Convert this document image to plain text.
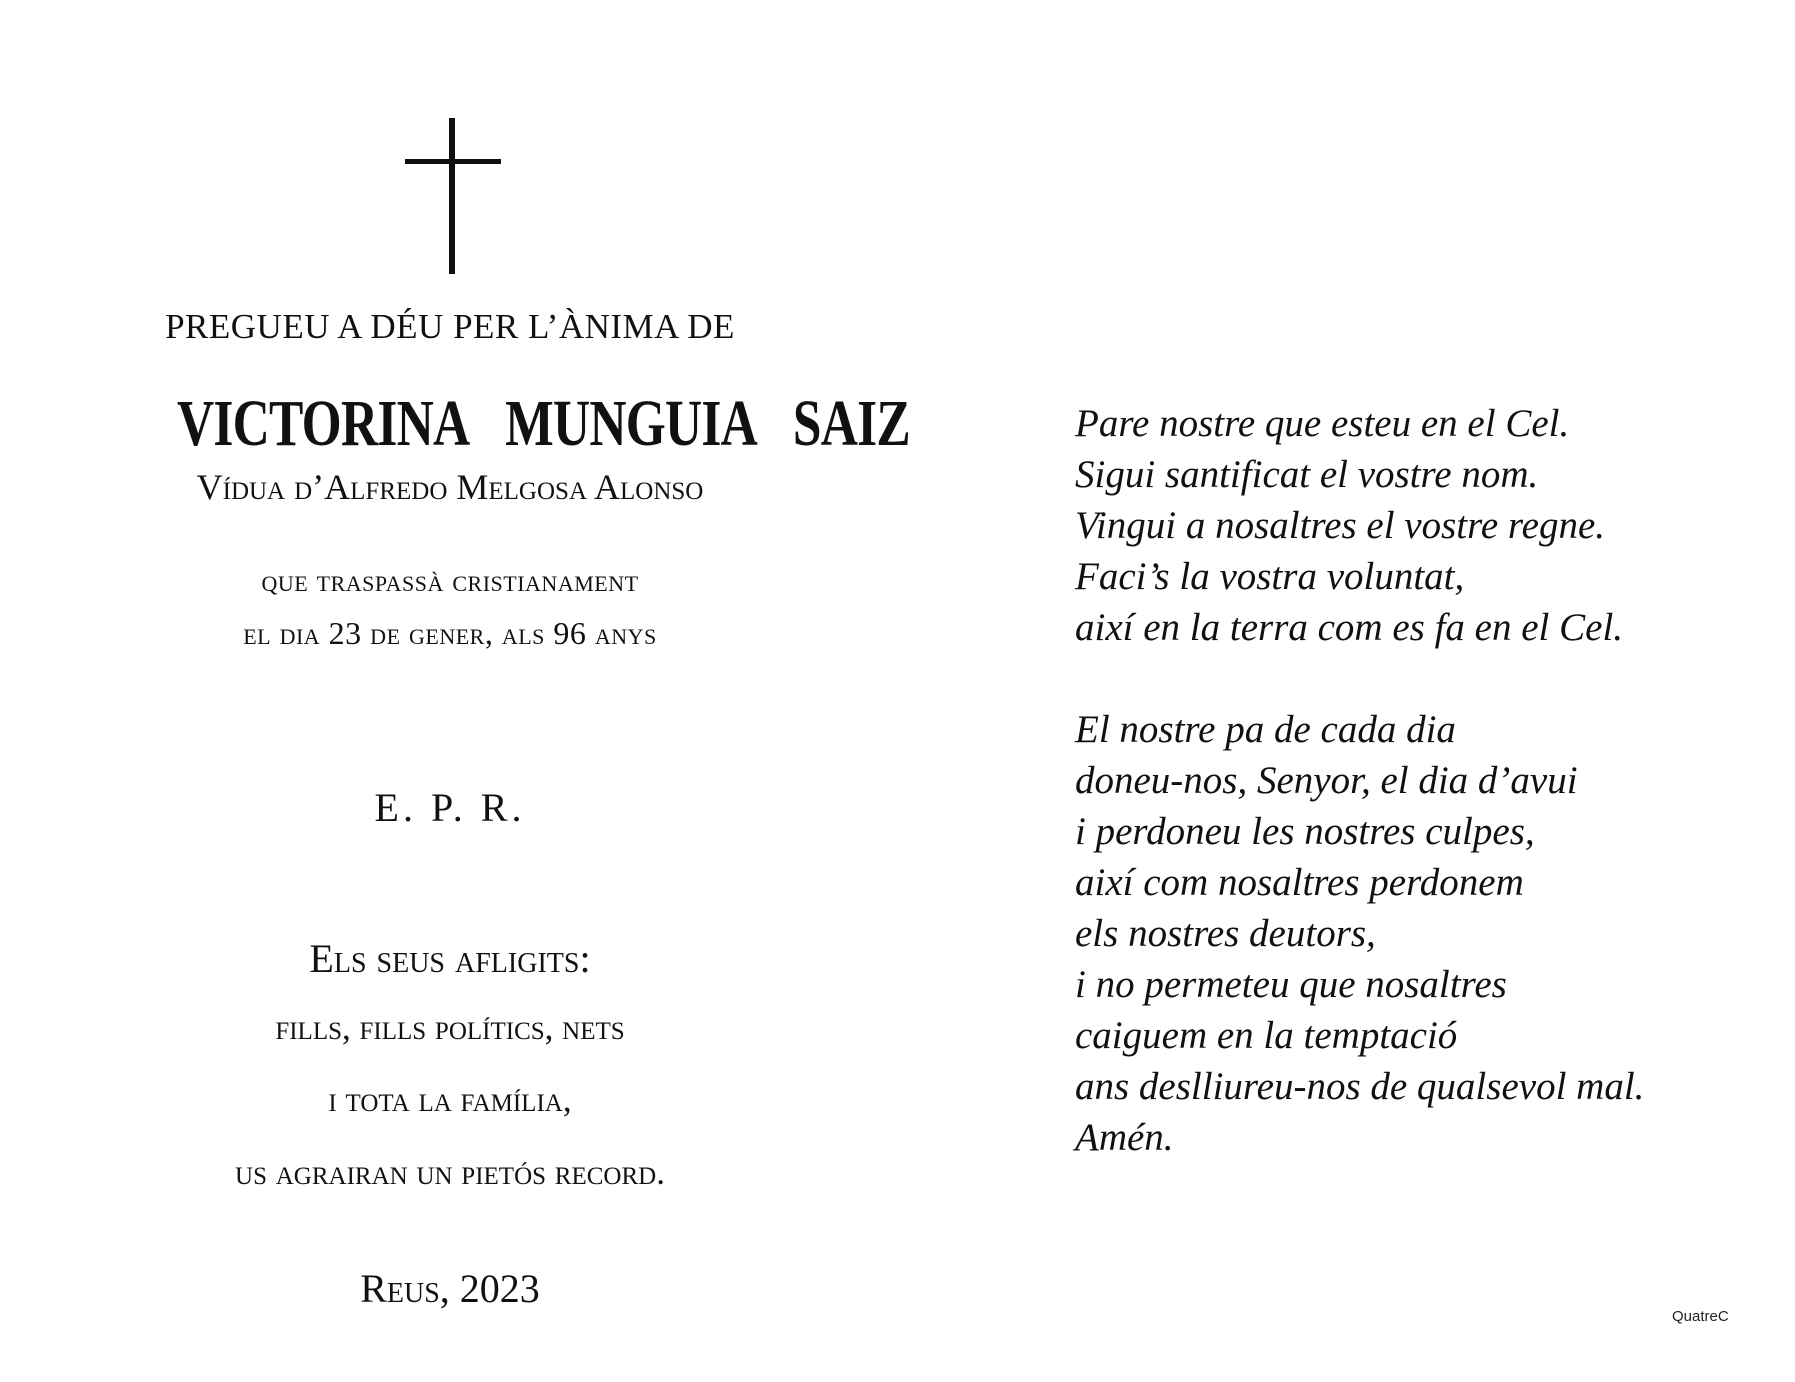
PREGUEU A DÉU PER L’ÀNIMA DE
VICTORINA MUNGUIA SAIZ
Vídua d’Alfredo Melgosa Alonso
que traspassà cristianament
el dia 23 de gener, als 96 anys
E. P. R.
Els seus afligits:
fills, fills polítics, nets
i tota la família,
us agrairan un pietós record.
Reus, 2023
Pare nostre que esteu en el Cel.
Sigui santificat el vostre nom.
Vingui a nosaltres el vostre regne.
Faci’s la vostra voluntat,
així en la terra com es fa en el Cel.
El nostre pa de cada dia
doneu-nos, Senyor, el dia d’avui
i perdoneu les nostres culpes,
així com nosaltres perdonem
els nostres deutors,
i no permeteu que nosaltres
caiguem en la temptació
ans deslliureu-nos de qualsevol mal.
Amén.
QuatreC
